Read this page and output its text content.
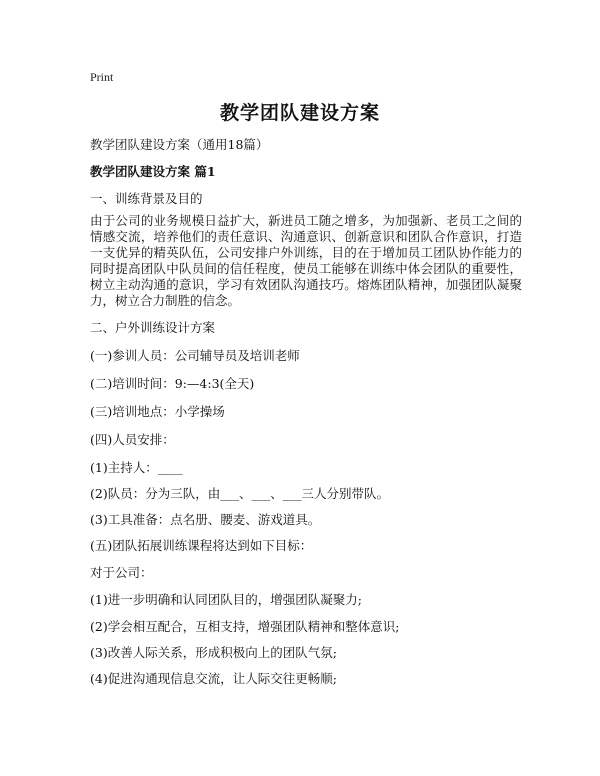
Print
教学团队建设方案
教学团队建设方案（通用18篇）
教学团队建设方案 篇1
一、训练背景及目的
由于公司的业务规模日益扩大，新进员工随之增多，为加强新、老员工之间的情感交流，培养他们的责任意识、沟通意识、创新意识和团队合作意识，打造一支优异的精英队伍，公司安排户外训练，目的在于增加员工团队协作能力的同时提高团队中队员间的信任程度，使员工能够在训练中体会团队的重要性，树立主动沟通的意识，学习有效团队沟通技巧。熔炼团队精神，加强团队凝聚力，树立合力制胜的信念。
二、户外训练设计方案
(一)参训人员：公司辅导员及培训老师
(二)培训时间：9:—4:3(全天)
(三)培训地点：小学操场
(四)人员安排：
(1)主持人：____
(2)队员：分为三队，由___、___、___三人分别带队。
(3)工具准备：点名册、腰麦、游戏道具。
(五)团队拓展训练课程将达到如下目标：
对于公司：
(1)进一步明确和认同团队目的，增强团队凝聚力;
(2)学会相互配合，互相支持，增强团队精神和整体意识;
(3)改善人际关系，形成积极向上的团队气氛;
(4)促进沟通现信息交流，让人际交往更畅顺;
